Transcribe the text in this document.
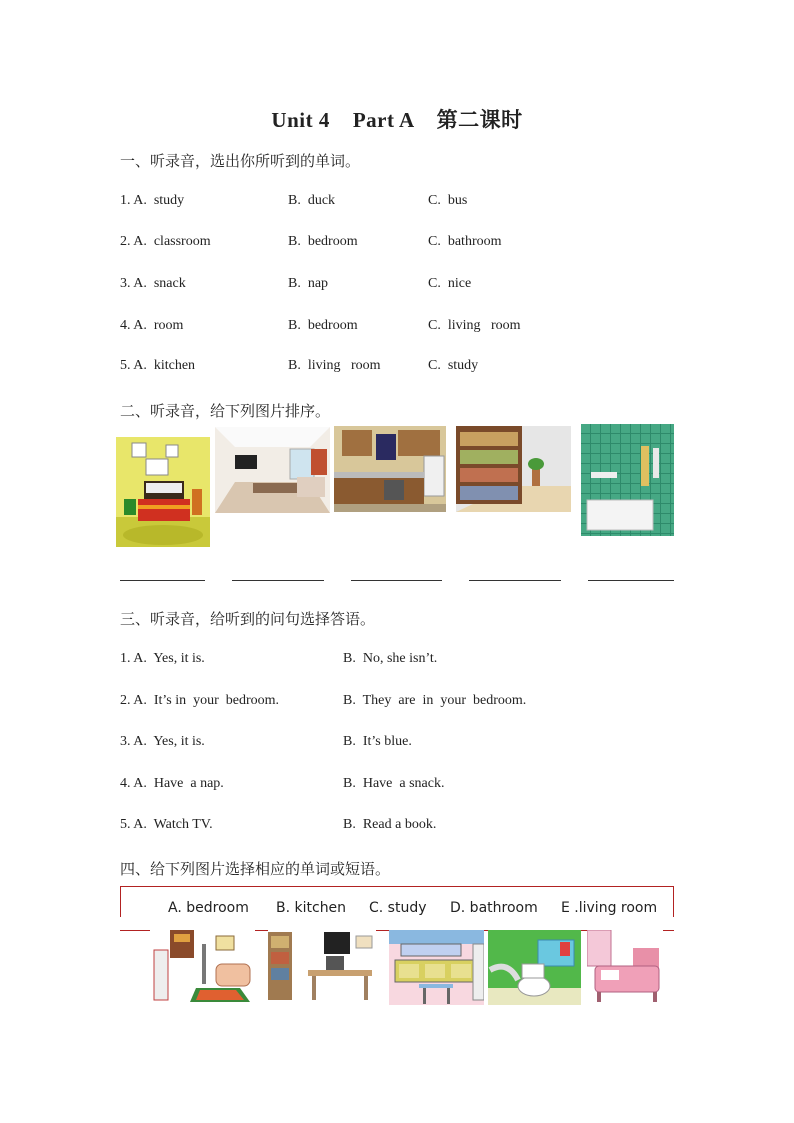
Unit 4    Part A    第二课时
一、听录音，选出你所听到的单词。
1. A.  study	B.  duck	C.  bus
2. A.  classroom	B.  bedroom	C.  bathroom
3. A.  snack	B.  nap	C.  nice
4. A.  room	B.  bedroom	C.  living   room
5. A.  kitchen	B.  living   room	C.  study
二、听录音，给下列图片排序。
三、听录音，给听到的问句选择答语。
1. A.  Yes, it is.	B.  No, she isn’t.
2. A.  It’s in  your  bedroom.	B.  They  are  in  your  bedroom.
3. A.  Yes, it is.	B.  It’s blue.
4. A.  Have  a nap.	B.  Have  a snack.
5. A.  Watch TV.	B.  Read a book.
四、给下列图片选择相应的单词或短语。
A. bedroom B. kitchen C. study D. bathroom E .living room
